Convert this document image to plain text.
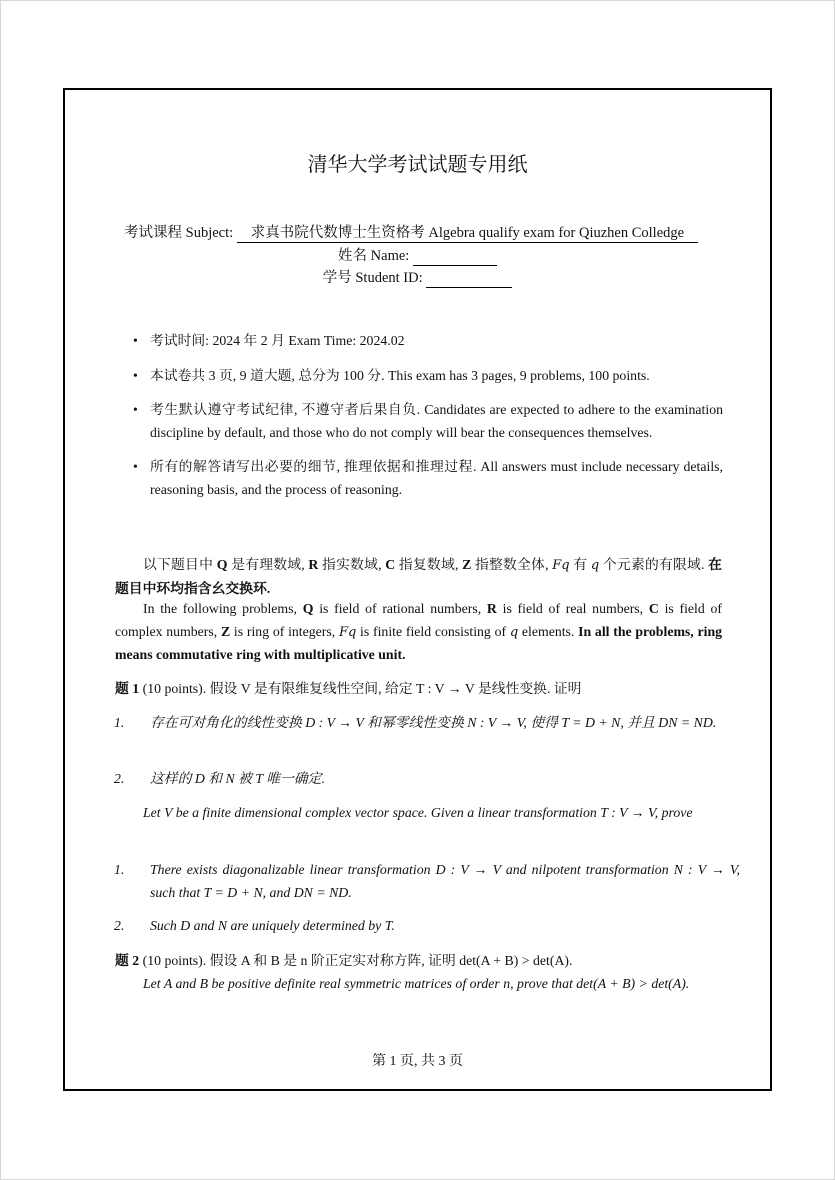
清华大学考试试题专用纸
考试课程 Subject: 求真书院代数博士生资格考 Algebra qualify exam for Qiuzhen Colledge
姓名 Name:
学号 Student ID:
• 考试时间: 2024 年 2 月 Exam Time: 2024.02
• 本试卷共 3 页, 9 道大题, 总分为 100 分. This exam has 3 pages, 9 problems, 100 points.
• 考生默认遵守考试纪律, 不遵守者后果自负. Candidates are expected to adhere to the examination discipline by default, and those who do not comply will bear the consequences themselves.
• 所有的解答请写出必要的细节, 推理依据和推理过程. All answers must include necessary details, reasoning basis, and the process of reasoning.
以下题目中 Q 是有理数域, R 指实数域, C 指复数域, Z 指整数全体, Fq 有 q 个元素的有限域. 在题目中环均指含幺交换环.
In the following problems, Q is field of rational numbers, R is field of real numbers, C is field of complex numbers, Z is ring of integers, Fq is finite field consisting of q elements. In all the problems, ring means commutative ring with multiplicative unit.
题 1 (10 points). 假设 V 是有限维复线性空间, 给定 T : V → V 是线性变换. 证明
1. 存在可对角化的线性变换 D : V → V 和幂零线性变换 N : V → V, 使得 T = D + N, 并且 DN = ND.
2. 这样的 D 和 N 被 T 唯一确定.
Let V be a finite dimensional complex vector space. Given a linear transformation T : V → V, prove
1. There exists diagonalizable linear transformation D : V → V and nilpotent transformation N : V → V, such that T = D + N, and DN = ND.
2. Such D and N are uniquely determined by T.
题 2 (10 points). 假设 A 和 B 是 n 阶正定实对称方阵, 证明 det(A + B) > det(A).
Let A and B be positive definite real symmetric matrices of order n, prove that det(A + B) > det(A).
第 1 页, 共 3 页
